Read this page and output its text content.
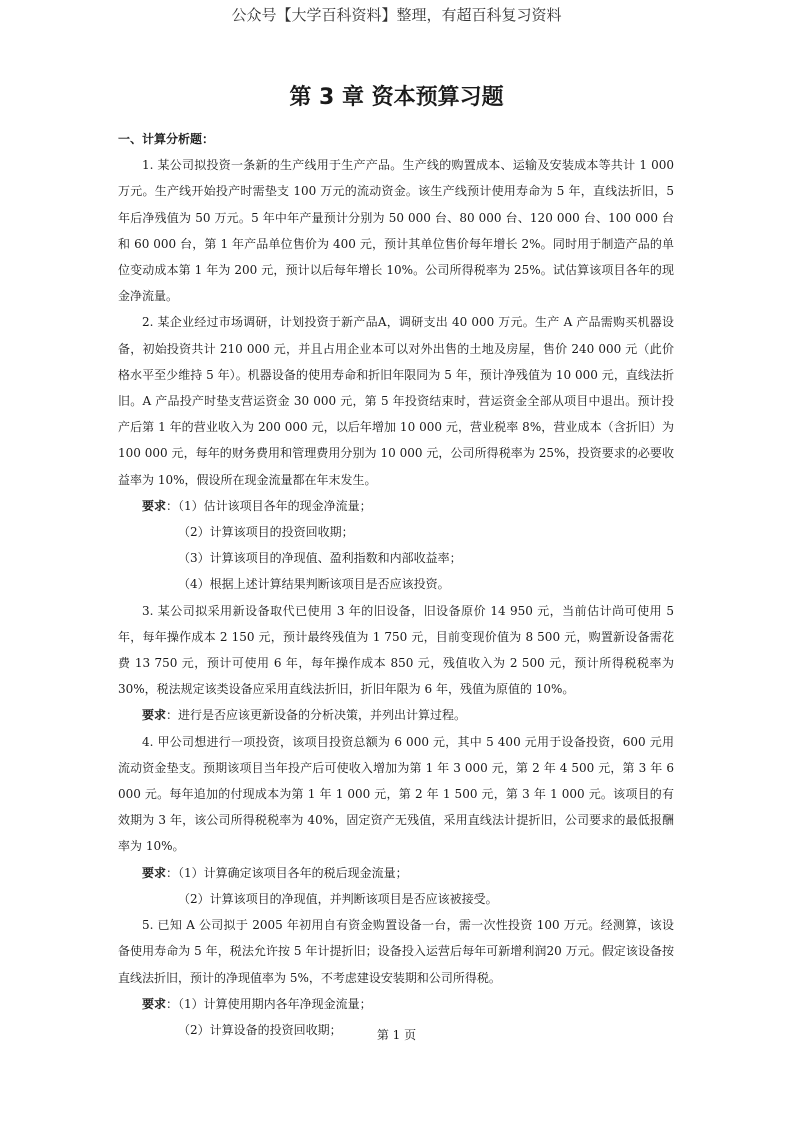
公众号【大学百科资料】整理，有超百科复习资料
第 3 章 资本预算习题

一、计算分析题：

1. 某公司拟投资一条新的生产线用于生产产品。生产线的购置成本、运输及安装成本等共计 1 000 万元。生产线开始投产时需垫支 100 万元的流动资金。该生产线预计使用寿命为 5 年，直线法折旧，5 年后净残值为 50 万元。5 年中年产量预计分别为 50 000 台、80 000 台、120 000 台、100 000 台和 60 000 台，第 1 年产品单位售价为 400 元，预计其单位售价每年增长 2%。同时用于制造产品的单位变动成本第 1 年为 200 元，预计以后每年增长 10%。公司所得税率为 25%。试估算该项目各年的现金净流量。

2. 某企业经过市场调研，计划投资于新产品A，调研支出 40 000 万元。生产 A 产品需购买机器设备，初始投资共计 210 000 元，并且占用企业本可以对外出售的土地及房屋，售价 240 000 元（此价格水平至少维持 5 年）。机器设备的使用寿命和折旧年限同为 5 年，预计净残值为 10 000 元，直线法折旧。A 产品投产时垫支营运资金 30 000 元，第 5 年投资结束时，营运资金全部从项目中退出。预计投产后第 1 年的营业收入为 200 000 元，以后年增加 10 000 元，营业税率 8%，营业成本（含折旧）为 100 000 元，每年的财务费用和管理费用分别为 10 000 元，公司所得税率为 25%，投资要求的必要收益率为 10%，假设所在现金流量都在年末发生。

要求：（1）估计该项目各年的现金净流量；

（2）计算该项目的投资回收期；

（3）计算该项目的净现值、盈利指数和内部收益率；

（4）根据上述计算结果判断该项目是否应该投资。

3. 某公司拟采用新设备取代已使用 3 年的旧设备，旧设备原价 14 950 元，当前估计尚可使用 5 年，每年操作成本 2 150 元，预计最终残值为 1 750 元，目前变现价值为 8 500 元，购置新设备需花费 13 750 元，预计可使用 6 年，每年操作成本 850 元，残值收入为 2 500 元，预计所得税税率为 30%，税法规定该类设备应采用直线法折旧，折旧年限为 6 年，残值为原值的 10%。

要求：进行是否应该更新设备的分析决策，并列出计算过程。

4. 甲公司想进行一项投资，该项目投资总额为 6 000 元，其中 5 400 元用于设备投资，600 元用流动资金垫支。预期该项目当年投产后可使收入增加为第 1 年 3 000 元，第 2 年 4 500 元，第 3 年 6 000 元。每年追加的付现成本为第 1 年 1 000 元，第 2 年 1 500 元，第 3 年 1 000 元。该项目的有效期为 3 年，该公司所得税税率为 40%，固定资产无残值，采用直线法计提折旧，公司要求的最低报酬率为 10%。

要求：（1）计算确定该项目各年的税后现金流量；

（2）计算该项目的净现值，并判断该项目是否应该被接受。

5. 已知 A 公司拟于 2005 年初用自有资金购置设备一台，需一次性投资 100 万元。经测算，该设备使用寿命为 5 年，税法允许按 5 年计提折旧；设备投入运营后每年可新增利润20 万元。假定该设备按直线法折旧，预计的净现值率为 5%，不考虑建设安装期和公司所得税。

要求：（1）计算使用期内各年净现金流量；

（2）计算设备的投资回收期；	第 1 页
